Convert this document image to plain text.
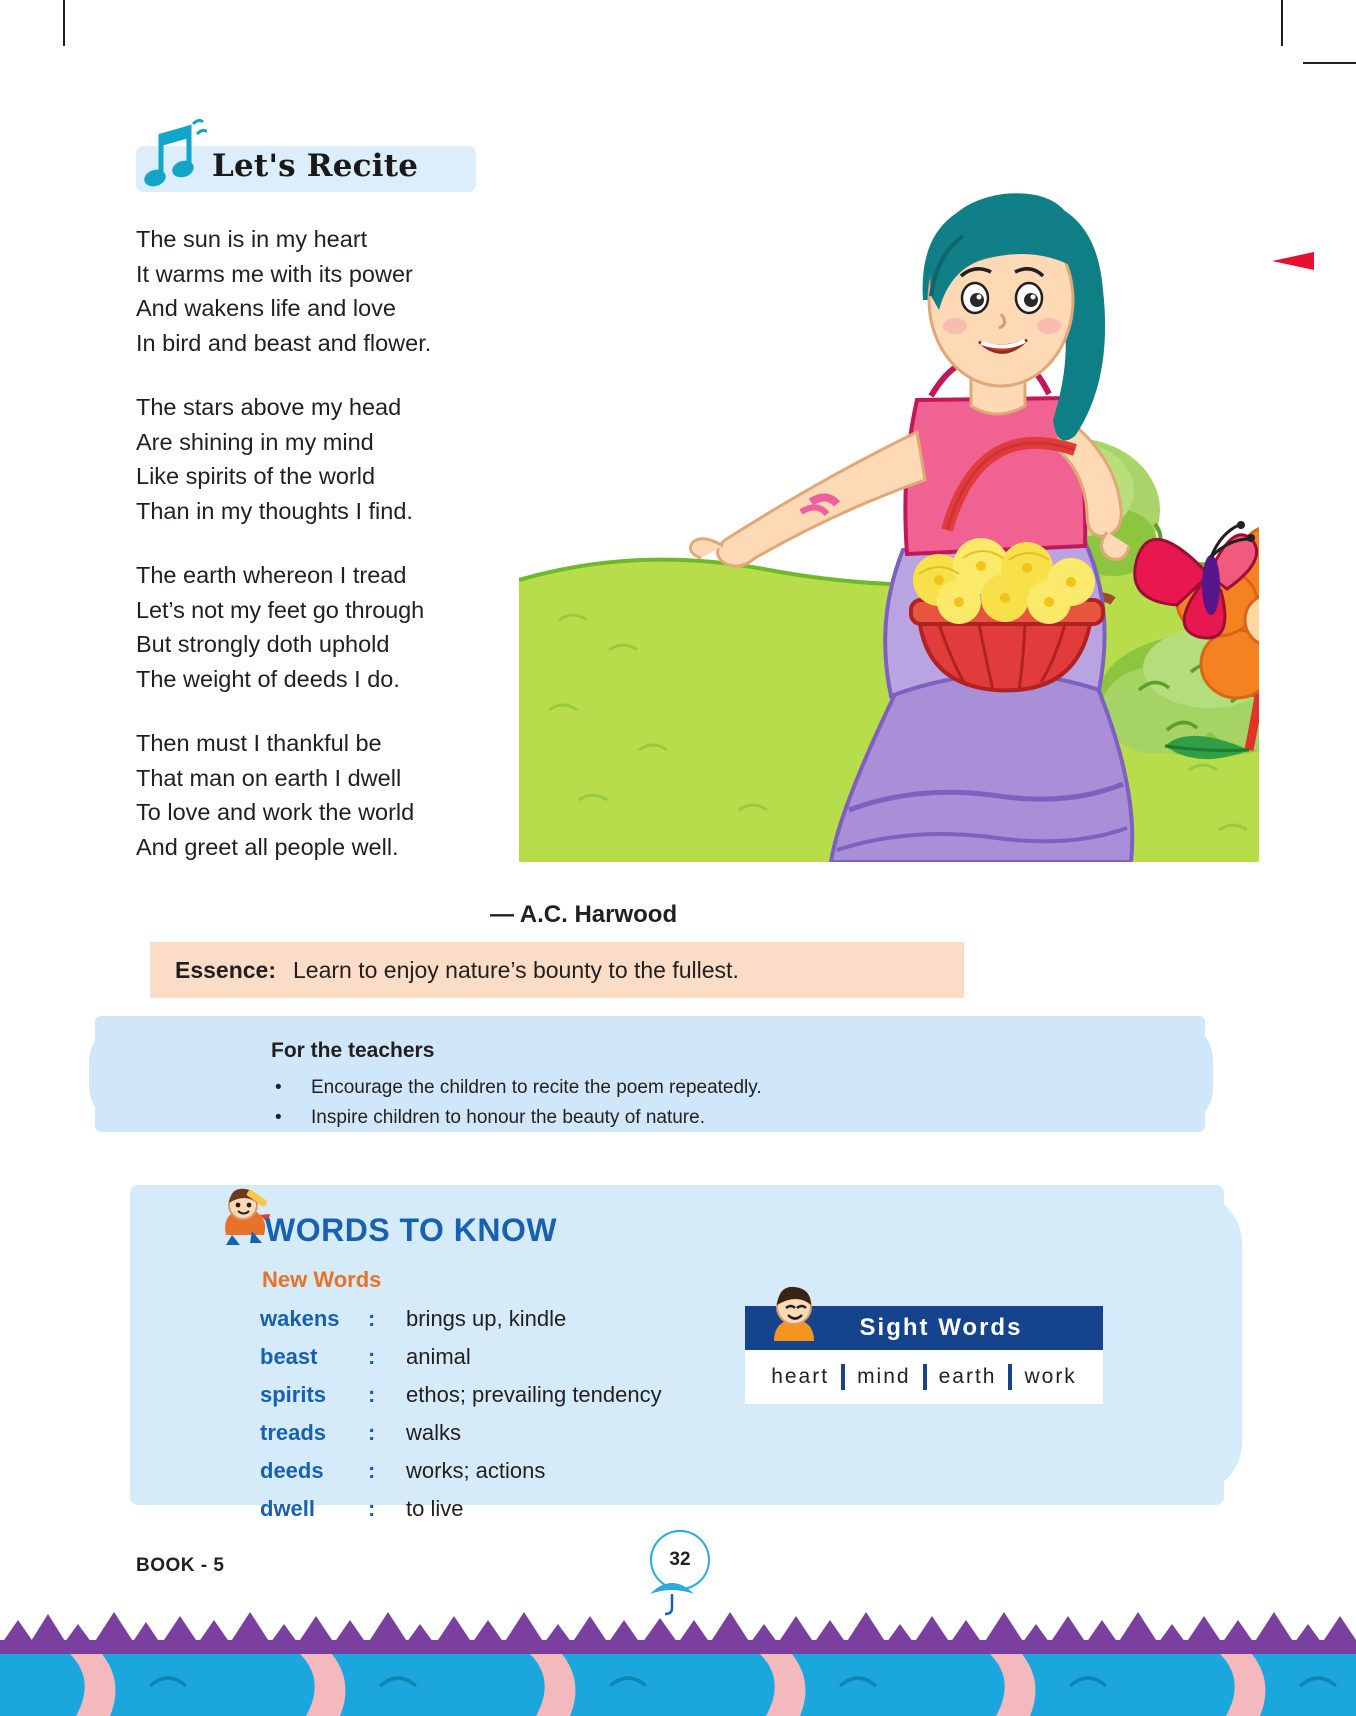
Let's Recite
The sun is in my heart
It warms me with its power
And wakens life and love
In bird and beast and flower.
The stars above my head
Are shining in my mind
Like spirits of the world
Than in my thoughts I find.
The earth whereon I tread
Let’s not my feet go through
But strongly doth uphold
The weight of deeds I do.
Then must I thankful be
That man on earth I dwell
To love and work the world
And greet all people well.
— A.C. Harwood
Essence: Learn to enjoy nature’s bounty to the fullest.
For the teachers
•	Encourage the children to recite the poem repeatedly.
•	Inspire children to honour the beauty of nature.
WORDS TO KNOW
New Words
wakens	:	brings up, kindle
beast	:	animal
spirits	:	ethos; prevailing tendency
treads	:	walks
deeds	:	works; actions
dwell	:	to live
Sight Words
heart	mind	earth	work
BOOK - 5	32
